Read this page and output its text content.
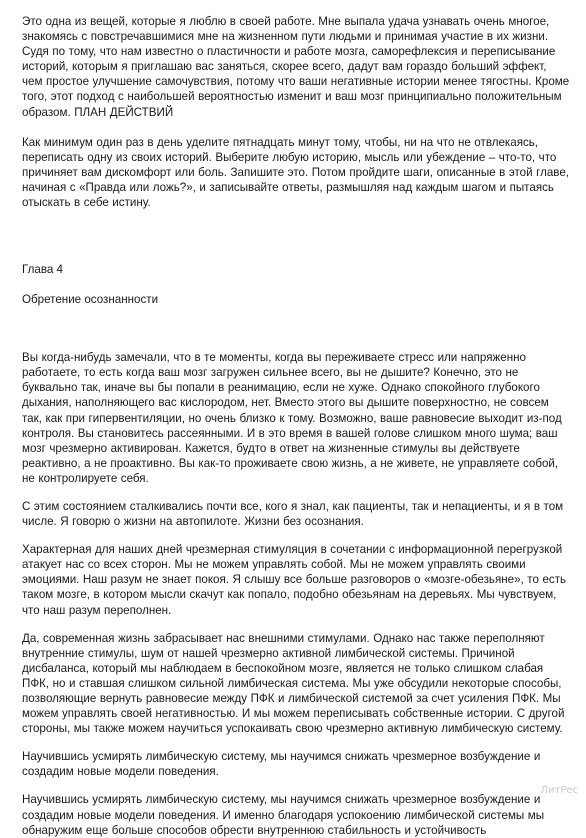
Это одна из вещей, которые я люблю в своей работе. Мне выпала удача узнавать очень многое, знакомясь с повстречавшимися мне на жизненном пути людьми и принимая участие в их жизни. Судя по тому, что нам известно о пластичности и работе мозга, саморефлексия и переписывание историй, которым я приглашаю вас заняться, скорее всего, дадут вам гораздо больший эффект, чем простое улучшение самочувствия, потому что ваши негативные истории менее тягостны. Кроме того, этот подход с наибольшей вероятностью изменит и ваш мозг принципиально положительным образом. ПЛАН ДЕЙСТВИЙ

Как минимум один раз в день уделите пятнадцать минут тому, чтобы, ни на что не отвлекаясь, переписать одну из своих историй. Выберите любую историю, мысль или убеждение – что-то, что причиняет вам дискомфорт или боль. Запишите это. Потом пройдите шаги, описанные в этой главе, начиная с «Правда или ложь?», и записывайте ответы, размышляя над каждым шагом и пытаясь отыскать в себе истину.

Глава 4

Обретение осознанности

Вы когда-нибудь замечали, что в те моменты, когда вы переживаете стресс или напряженно работаете, то есть когда ваш мозг загружен сильнее всего, вы не дышите? Конечно, это не буквально так, иначе вы бы попали в реанимацию, если не хуже. Однако спокойного глубокого дыхания, наполняющего вас кислородом, нет. Вместо этого вы дышите поверхностно, не совсем так, как при гипервентиляции, но очень близко к тому. Возможно, ваше равновесие выходит из-под контроля. Вы становитесь рассеянными. И в это время в вашей голове слишком много шума; ваш мозг чрезмерно активирован. Кажется, будто в ответ на жизненные стимулы вы действуете реактивно, а не проактивно. Вы как-то проживаете свою жизнь, а не живете, не управляете собой, не контролируете себя.

С этим состоянием сталкивались почти все, кого я знал, как пациенты, так и непациенты, и я в том числе. Я говорю о жизни на автопилоте. Жизни без осознания.

Характерная для наших дней чрезмерная стимуляция в сочетании с информационной перегрузкой атакует нас со всех сторон. Мы не можем управлять собой. Мы не можем управлять своими эмоциями. Наш разум не знает покоя. Я слышу все больше разговоров о «мозге-обезьяне», то есть таком мозге, в котором мысли скачут как попало, подобно обезьянам на деревьях. Мы чувствуем, что наш разум переполнен.

Да, современная жизнь забрасывает нас внешними стимулами. Однако нас также переполняют внутренние стимулы, шум от нашей чрезмерно активной лимбической системы. Причиной дисбаланса, который мы наблюдаем в беспокойном мозге, является не только слишком слабая ПФК, но и ставшая слишком сильной лимбическая система. Мы уже обсудили некоторые способы, позволяющие вернуть равновесие между ПФК и лимбической системой за счет усиления ПФК. Мы можем управлять своей негативностью. И мы можем переписывать собственные истории. С другой стороны, мы также можем научиться успокаивать свою чрезмерно активную лимбическую систему.

Научившись усмирять лимбическую систему, мы научимся снижать чрезмерное возбуждение и создадим новые модели поведения.

Научившись усмирять лимбическую систему, мы научимся снижать чрезмерное возбуждение и создадим новые модели поведения. И именно благодаря успокоению лимбической системы мы обнаружим еще больше способов обрести внутреннюю стабильность и устойчивость

ЛитРес
